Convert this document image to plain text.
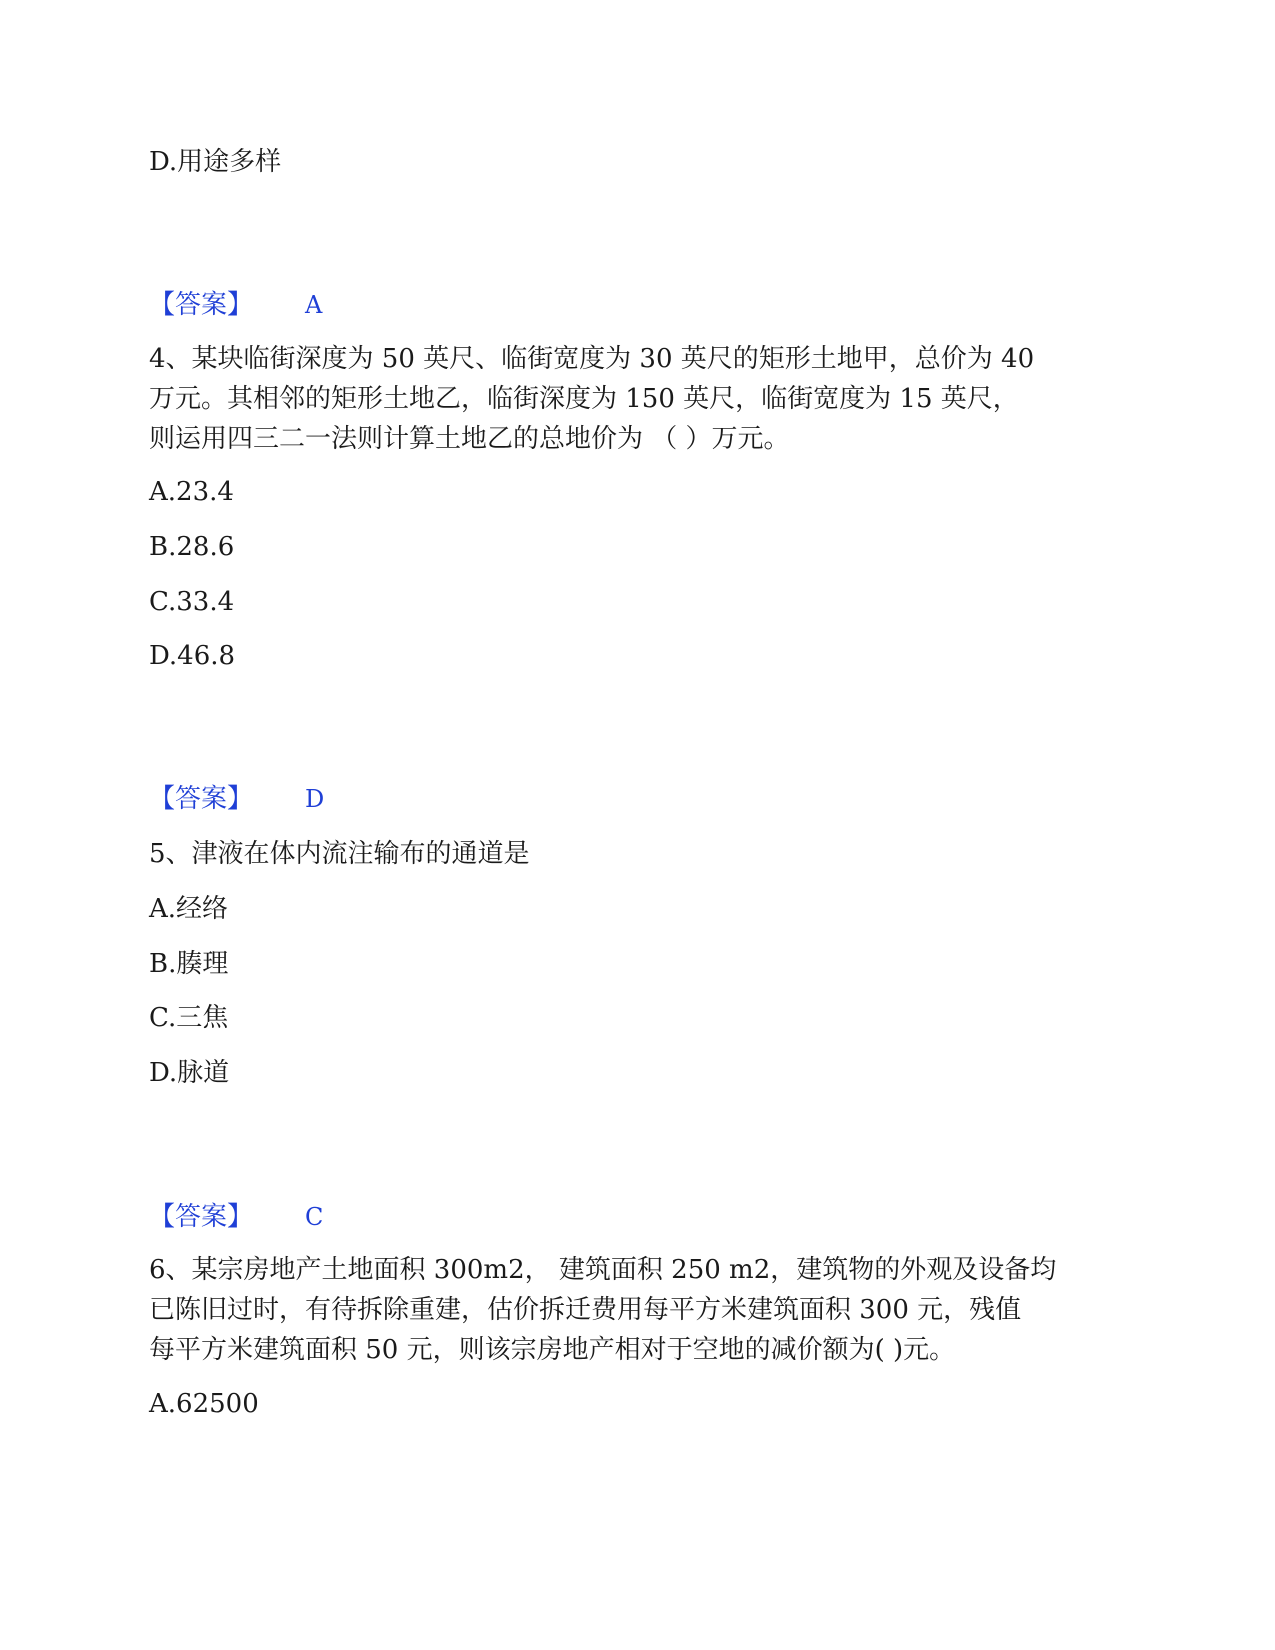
D.用途多样
【答案】 A
4、某块临街深度为 50 英尺、临街宽度为 30 英尺的矩形土地甲，总价为 40
万元。其相邻的矩形土地乙，临街深度为 150 英尺，临街宽度为 15 英尺，
则运用四三二一法则计算土地乙的总地价为 （ ）万元。
A.23.4
B.28.6
C.33.4
D.46.8
【答案】 D
5、津液在体内流注输布的通道是
A.经络
B.腠理
C.三焦
D.脉道
【答案】 C
6、某宗房地产土地面积 300m2， 建筑面积 250 m2，建筑物的外观及设备均
已陈旧过时，有待拆除重建，估价拆迁费用每平方米建筑面积 300 元，残值
每平方米建筑面积 50 元，则该宗房地产相对于空地的减价额为( )元。
A.62500
